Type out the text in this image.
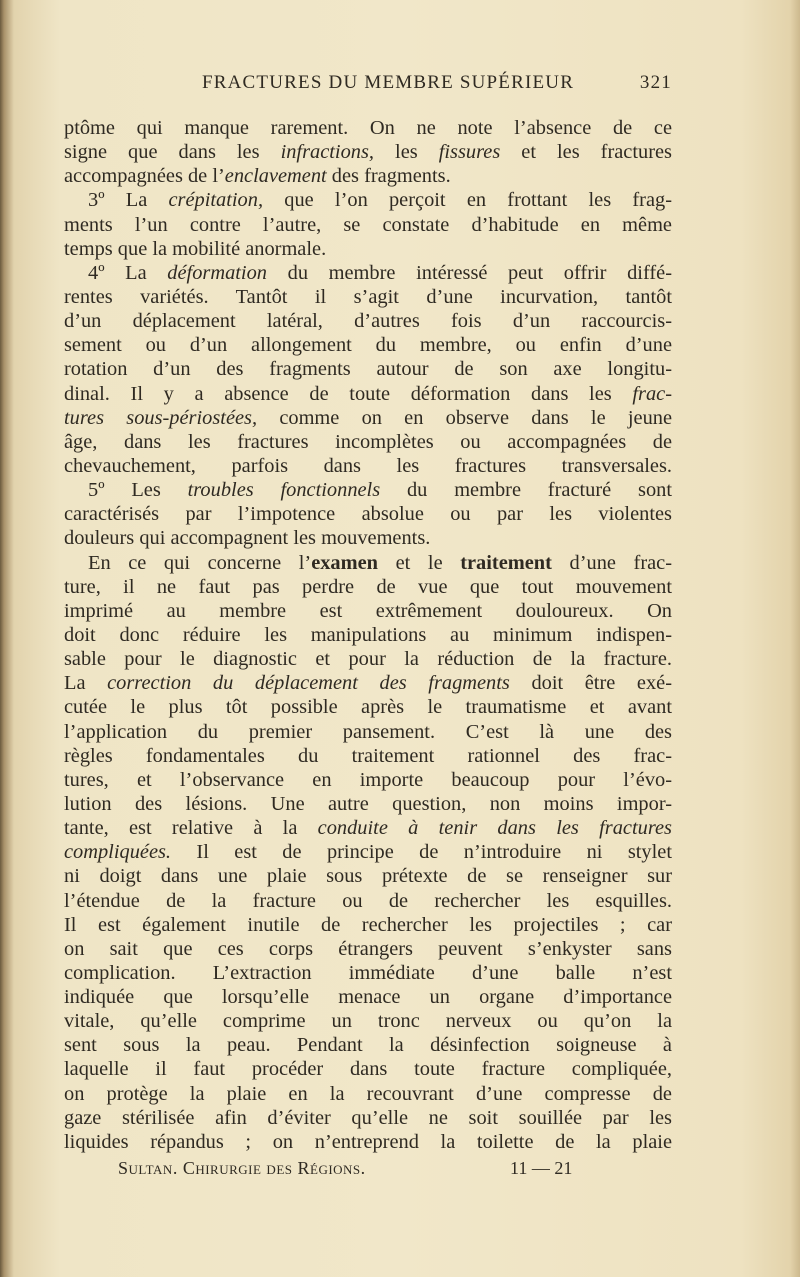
FRACTURES DU MEMBRE SUPÉRIEUR	321
ptôme qui manque rarement. On ne note l’absence de ce
signe que dans les infractions, les fissures et les fractures
accompagnées de l’enclavement des fragments.
3º La crépitation, que l’on perçoit en frottant les frag-
ments l’un contre l’autre, se constate d’habitude en même
temps que la mobilité anormale.
4º La déformation du membre intéressé peut offrir diffé-
rentes variétés. Tantôt il s’agit d’une incurvation, tantôt
d’un déplacement latéral, d’autres fois d’un raccourcis-
sement ou d’un allongement du membre, ou enfin d’une
rotation d’un des fragments autour de son axe longitu-
dinal. Il y a absence de toute déformation dans les frac-
tures sous-périostées, comme on en observe dans le jeune
âge, dans les fractures incomplètes ou accompagnées de
chevauchement, parfois dans les fractures transversales.
5º Les troubles fonctionnels du membre fracturé sont
caractérisés par l’impotence absolue ou par les violentes
douleurs qui accompagnent les mouvements.
En ce qui concerne l’examen et le traitement d’une frac-
ture, il ne faut pas perdre de vue que tout mouvement
imprimé au membre est extrêmement douloureux. On
doit donc réduire les manipulations au minimum indispen-
sable pour le diagnostic et pour la réduction de la fracture.
La correction du déplacement des fragments doit être exé-
cutée le plus tôt possible après le traumatisme et avant
l’application du premier pansement. C’est là une des
règles fondamentales du traitement rationnel des frac-
tures, et l’observance en importe beaucoup pour l’évo-
lution des lésions. Une autre question, non moins impor-
tante, est relative à la conduite à tenir dans les fractures
compliquées. Il est de principe de n’introduire ni stylet
ni doigt dans une plaie sous prétexte de se renseigner sur
l’étendue de la fracture ou de rechercher les esquilles.
Il est également inutile de rechercher les projectiles ; car
on sait que ces corps étrangers peuvent s’enkyster sans
complication. L’extraction immédiate d’une balle n’est
indiquée que lorsqu’elle menace un organe d’importance
vitale, qu’elle comprime un tronc nerveux ou qu’on la
sent sous la peau. Pendant la désinfection soigneuse à
laquelle il faut procéder dans toute fracture compliquée,
on protège la plaie en la recouvrant d’une compresse de
gaze stérilisée afin d’éviter qu’elle ne soit souillée par les
liquides répandus ; on n’entreprend la toilette de la plaie
Sultan. Chirurgie des Régions.	11 — 21
